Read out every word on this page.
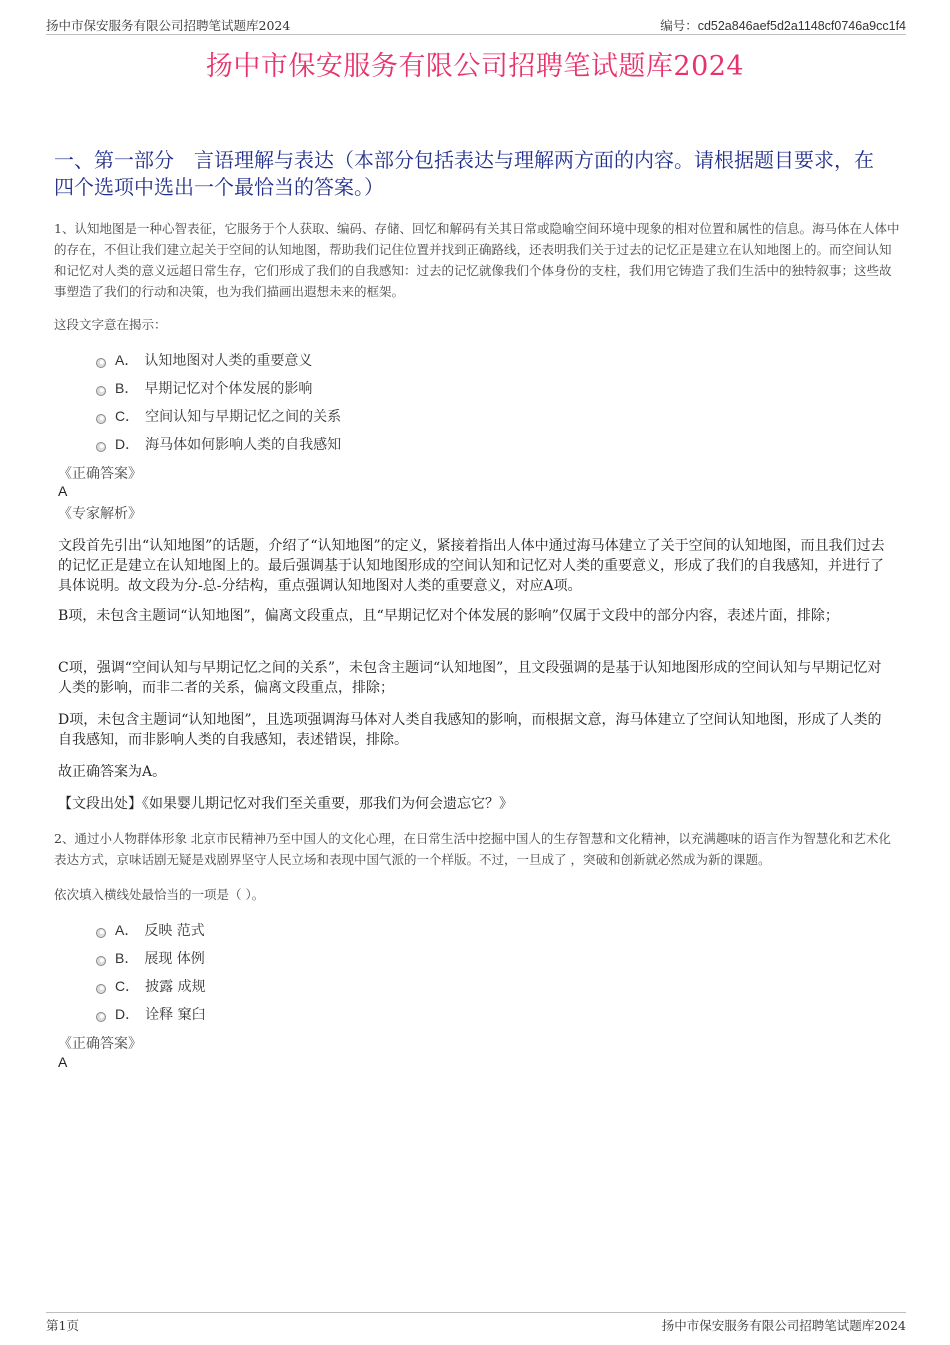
扬中市保安服务有限公司招聘笔试题库2024	编号：cd52a846aef5d2a1148cf0746a9cc1f4
扬中市保安服务有限公司招聘笔试题库2024
一、第一部分　言语理解与表达（本部分包括表达与理解两方面的内容。请根据题目要求，在四个选项中选出一个最恰当的答案。）
1、认知地图是一种心智表征，它服务于个人获取、编码、存储、回忆和解码有关其日常或隐喻空间环境中现象的相对位置和属性的信息。海马体在人体中的存在，不但让我们建立起关于空间的认知地图，帮助我们记住位置并找到正确路线，还表明我们关于过去的记忆正是建立在认知地图上的。而空间认知和记忆对人类的意义远超日常生存，它们形成了我们的自我感知：过去的记忆就像我们个体身份的支柱，我们用它铸造了我们生活中的独特叙事；这些故事塑造了我们的行动和决策，也为我们描画出遐想未来的框架。
这段文字意在揭示：
A． 认知地图对人类的重要意义
B． 早期记忆对个体发展的影响
C． 空间认知与早期记忆之间的关系
D． 海马体如何影响人类的自我感知
《正确答案》
A
《专家解析》
文段首先引出“认知地图”的话题，介绍了“认知地图”的定义，紧接着指出人体中通过海马体建立了关于空间的认知地图，而且我们过去的记忆正是建立在认知地图上的。最后强调基于认知地图形成的空间认知和记忆对人类的重要意义，形成了我们的自我感知，并进行了具体说明。故文段为分-总-分结构，重点强调认知地图对人类的重要意义，对应A项。
B项，未包含主题词“认知地图”，偏离文段重点，且“早期记忆对个体发展的影响”仅属于文段中的部分内容，表述片面，排除；
C项，强调“空间认知与早期记忆之间的关系”，未包含主题词“认知地图”，且文段强调的是基于认知地图形成的空间认知与早期记忆对人类的影响，而非二者的关系，偏离文段重点，排除；
D项，未包含主题词“认知地图”，且选项强调海马体对人类自我感知的影响，而根据文意，海马体建立了空间认知地图，形成了人类的自我感知，而非影响人类的自我感知，表述错误，排除。
故正确答案为A。
【文段出处】《如果婴儿期记忆对我们至关重要，那我们为何会遗忘它？》
2、通过小人物群体形象 北京市民精神乃至中国人的文化心理，在日常生活中挖掘中国人的生存智慧和文化精神，以充满趣味的语言作为智慧化和艺术化表达方式，京味话剧无疑是戏剧界坚守人民立场和表现中国气派的一个样版。不过，一旦成了 ，突破和创新就必然成为新的课题。
依次填入横线处最恰当的一项是（ ）。
A． 反映 范式
B． 展现 体例
C． 披露 成规
D． 诠释 窠臼
《正确答案》
A
第1页	扬中市保安服务有限公司招聘笔试题库2024
